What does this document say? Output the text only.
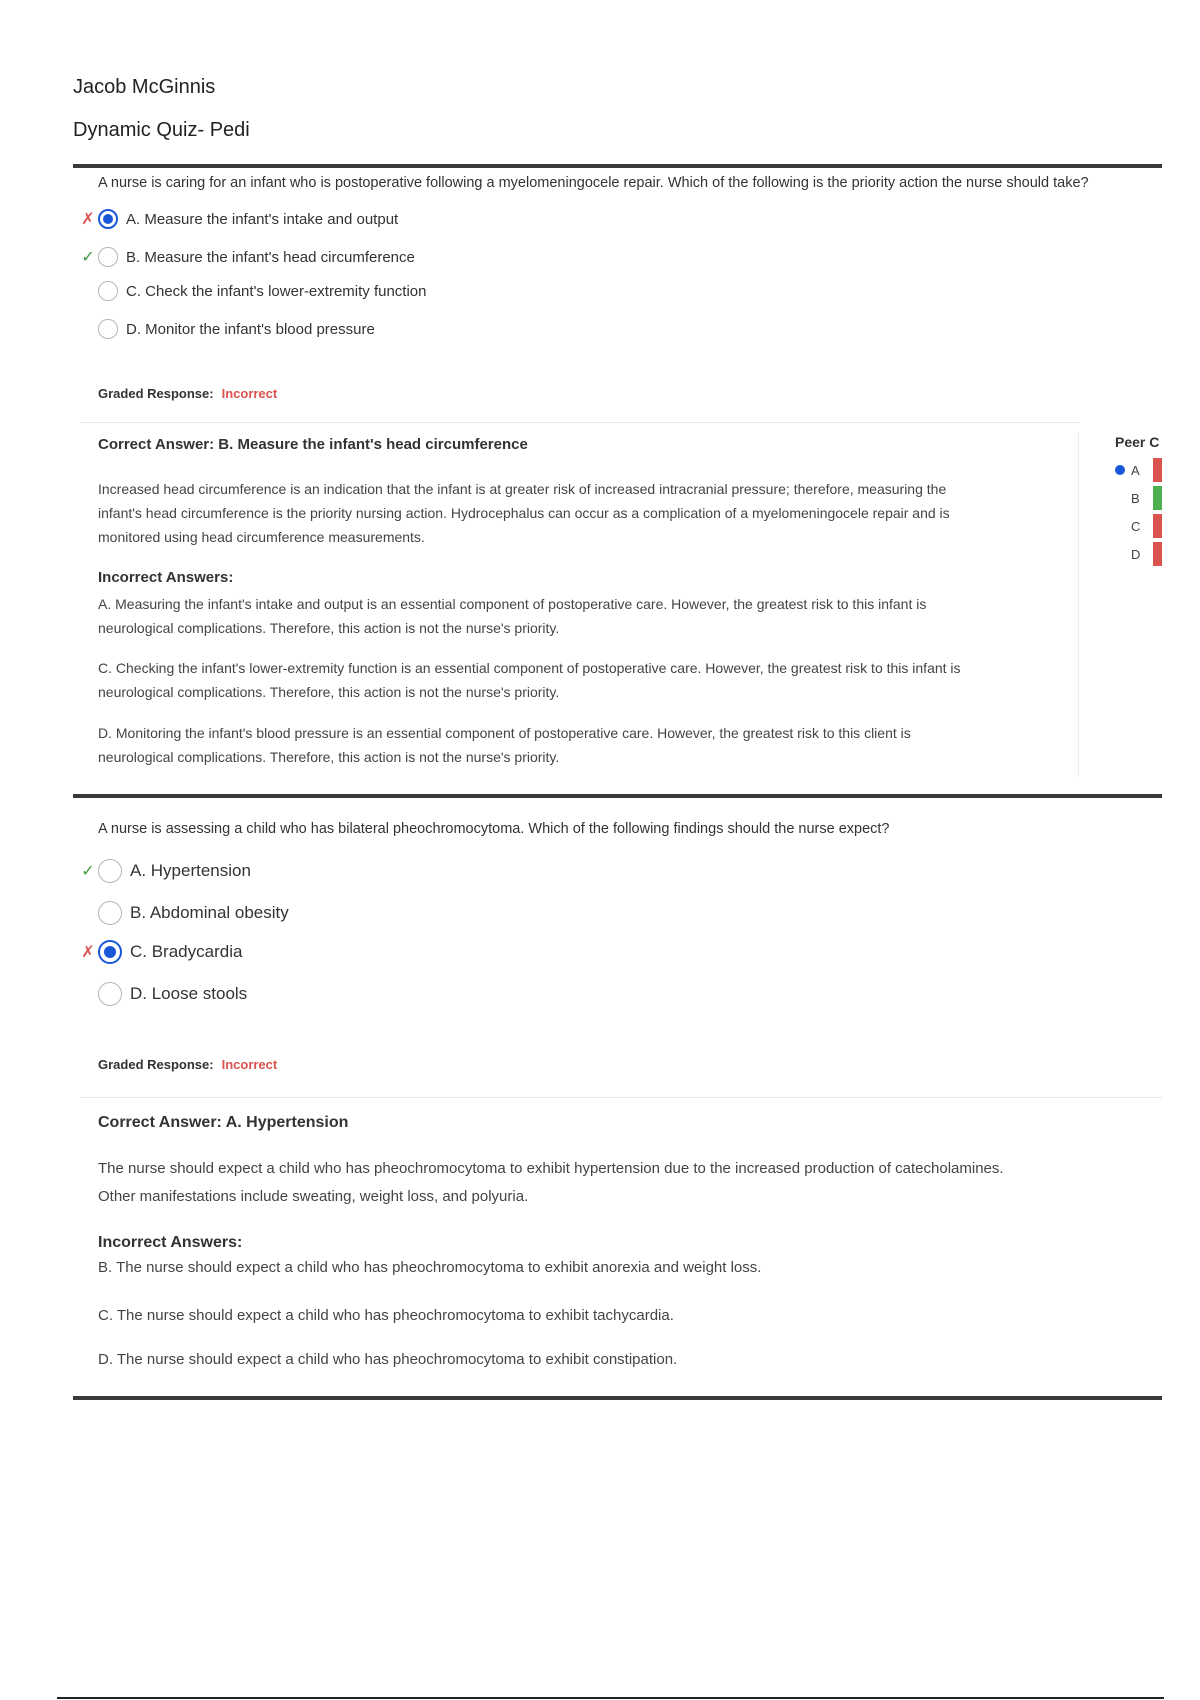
Jacob McGinnis
Dynamic Quiz- Pedi
A nurse is caring for an infant who is postoperative following a myelomeningocele repair. Which of the following is the priority action the nurse should take?
✗ A. Measure the infant's intake and output
✓ B. Measure the infant's head circumference
C. Check the infant's lower-extremity function
D. Monitor the infant's blood pressure
Graded Response: Incorrect
Correct Answer: B. Measure the infant's head circumference
Increased head circumference is an indication that the infant is at greater risk of increased intracranial pressure; therefore, measuring the
infant's head circumference is the priority nursing action. Hydrocephalus can occur as a complication of a myelomeningocele repair and is
monitored using head circumference measurements.
Incorrect Answers:
A. Measuring the infant's intake and output is an essential component of postoperative care. However, the greatest risk to this infant is
neurological complications. Therefore, this action is not the nurse's priority.
C. Checking the infant's lower-extremity function is an essential component of postoperative care. However, the greatest risk to this infant is
neurological complications. Therefore, this action is not the nurse's priority.
D. Monitoring the infant's blood pressure is an essential component of postoperative care. However, the greatest risk to this client is
neurological complications. Therefore, this action is not the nurse's priority.
Peer C
A
B
C
D
A nurse is assessing a child who has bilateral pheochromocytoma. Which of the following findings should the nurse expect?
✓ A. Hypertension
B. Abdominal obesity
✗ C. Bradycardia
D. Loose stools
Graded Response: Incorrect
Correct Answer: A. Hypertension
The nurse should expect a child who has pheochromocytoma to exhibit hypertension due to the increased production of catecholamines.
Other manifestations include sweating, weight loss, and polyuria.
Incorrect Answers:
B. The nurse should expect a child who has pheochromocytoma to exhibit anorexia and weight loss.
C. The nurse should expect a child who has pheochromocytoma to exhibit tachycardia.
D. The nurse should expect a child who has pheochromocytoma to exhibit constipation.
